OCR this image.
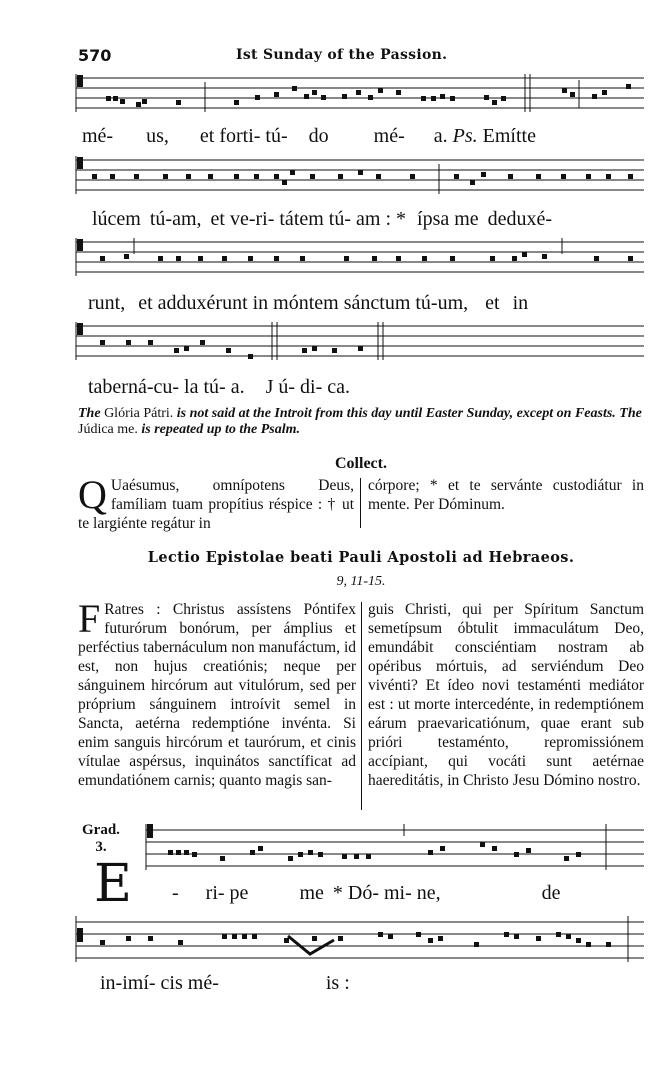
570	Ist Sunday of the Passion.
mé- us, et forti- tú- do mé- a. Ps. Emítte
lúcem tú-am, et ve-ri- tátem tú- am : * ípsa me deduxé-
runt, et adduxérunt in móntem sánctum tú-um, et in
taberná-cu- la tú- a. J ú- di- ca.
The Glória Pátri. is not said at the Introit from this day until Easter Sunday, except on Feasts. The Júdica me. is repeated up to the Psalm.
Collect.

Q Uaésumus, omnípotens Deus, famíliam tuam propítius réspice : † ut te largiénte regátur in

córpore; * et te servánte custodiátur in mente. Per Dóminum.

Lectio Epistolae beati Pauli Apostoli ad Hebraeos.
9, 11-15.

F Ratres : Christus assístens Póntifex futurórum bonórum, per ámplius et perféctius tabernáculum non manufáctum, id est, non hujus creatiónis; neque per sánguinem hircórum aut vitulórum, sed per próprium sánguinem introívit semel in Sancta, aetérna redemptióne invénta. Si enim sanguis hircórum et taurórum, et cinis vítulae aspérsus, inquinátos sanctíficat ad emundatiónem carnis; quanto magis san-

guis Christi, qui per Spíritum Sanctum semetípsum óbtulit immaculátum Deo, emundábit consciéntiam nostram ab opéribus mórtuis, ad serviéndum Deo vivénti? Et ídeo novi testaménti mediátor est : ut morte intercedénte, in redemptiónem eárum praevaricatiónum, quae erant sub prióri testaménto, repromissiónem accípiant, qui vocáti sunt aetérnae haereditátis, in Christo Jesu Dómino nostro.

Grad.
3.
E - ri- pe	me * Dó- mi- ne,	de
in-imí- cis mé-	is :
